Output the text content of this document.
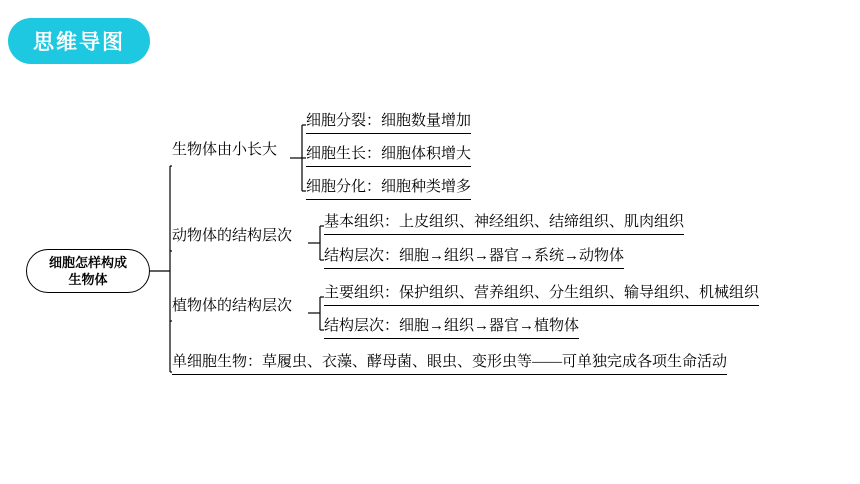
思维导图
细胞怎样构成
生物体
生物体由小长大
动物体的结构层次
植物体的结构层次
细胞分裂：细胞数量增加
细胞生长：细胞体积增大
细胞分化：细胞种类增多
基本组织：上皮组织、神经组织、结缔组织、肌肉组织
结构层次：细胞→组织→器官→系统→动物体
主要组织：保护组织、营养组织、分生组织、输导组织、机械组织
结构层次：细胞→组织→器官→植物体
单细胞生物：草履虫、衣藻、酵母菌、眼虫、变形虫等——可单独完成各项生命活动
